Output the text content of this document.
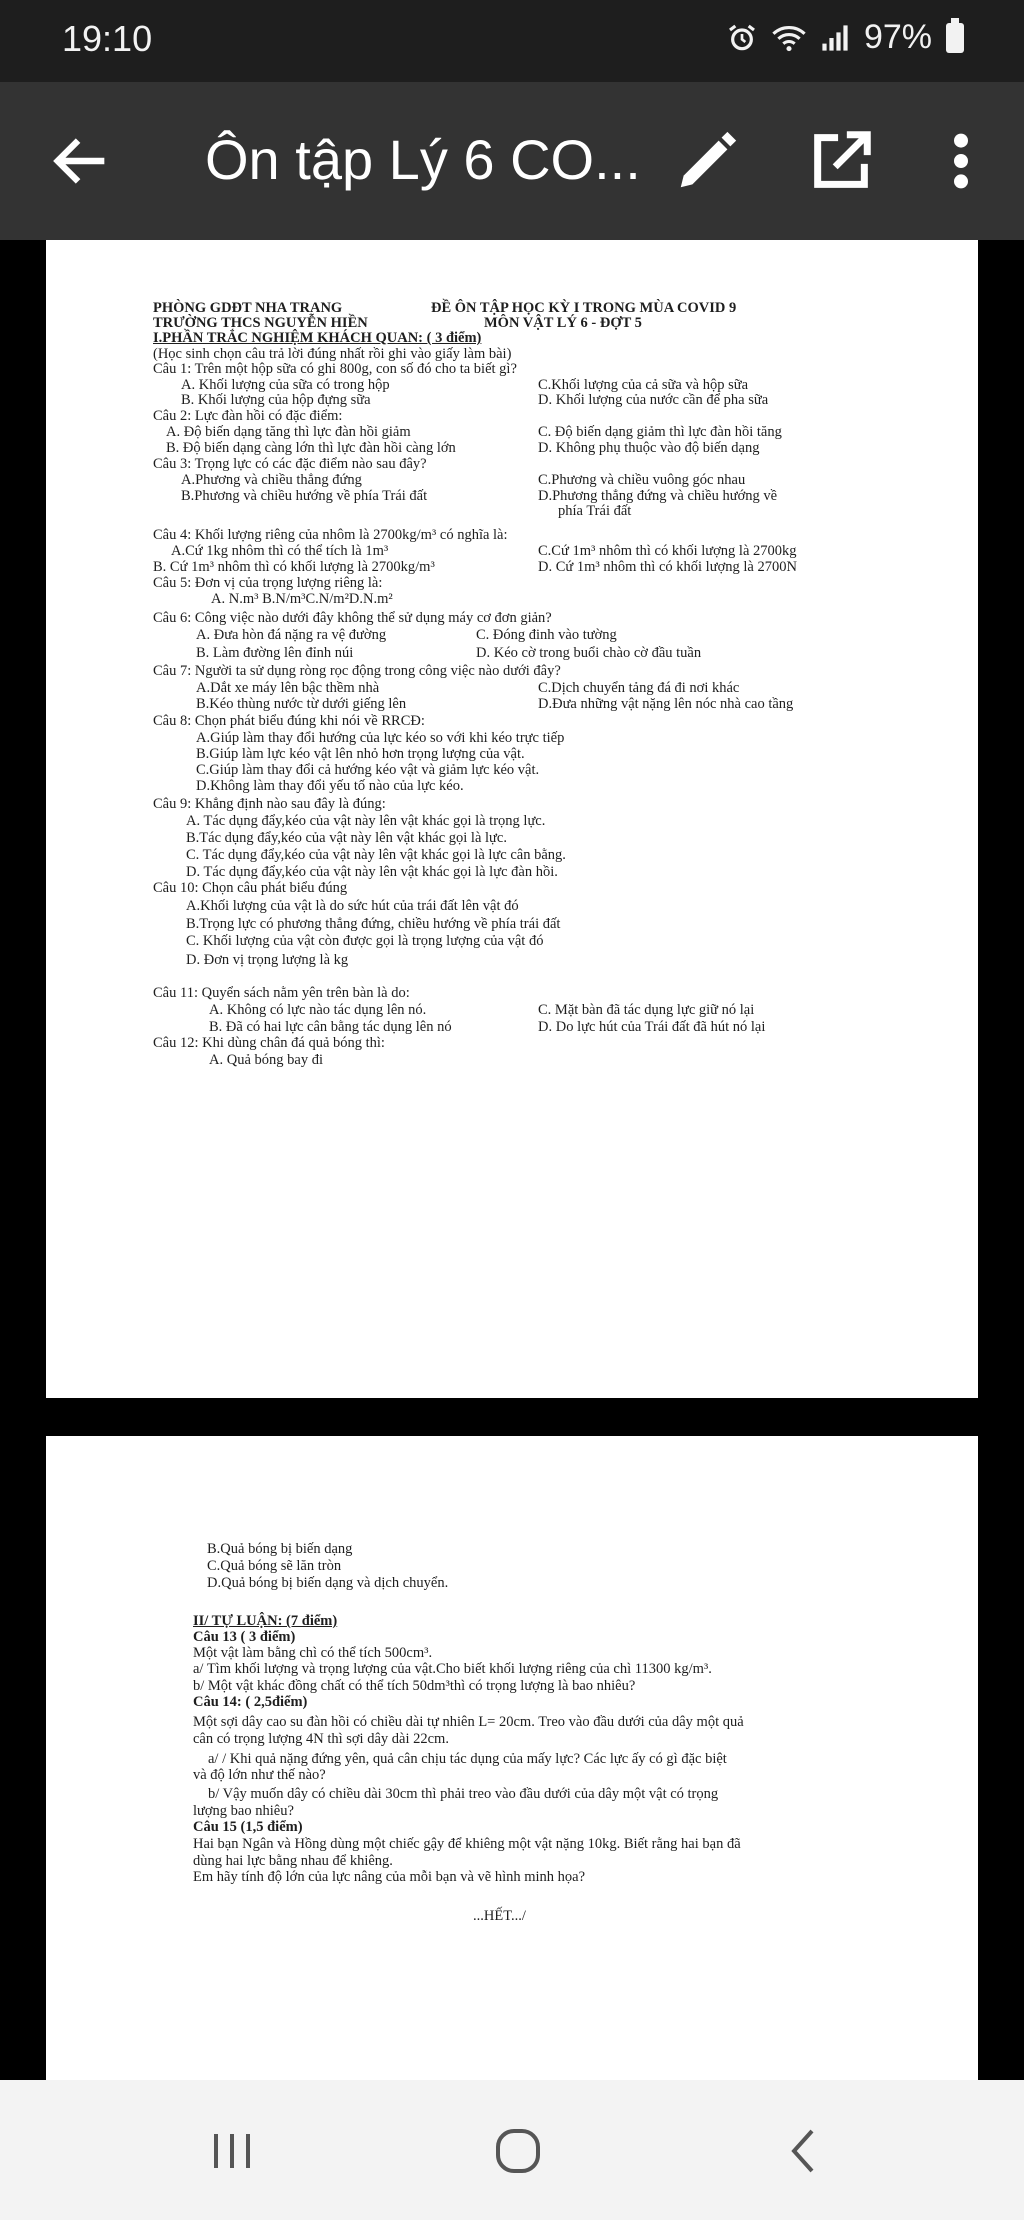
19:10	97%
Ôn tập Lý 6 CO...
PHÒNG GDĐT NHA TRANG	ĐỀ ÔN TẬP HỌC KỲ I TRONG MÙA COVID 9
TRƯỜNG THCS NGUYỄN HIỀN	MÔN VẬT LÝ 6 - ĐỢT 5
I.PHẦN TRẮC NGHIỆM KHÁCH QUAN: ( 3 điểm)
(Học sinh chọn câu trả lời đúng nhất rồi ghi vào giấy làm bài)
Câu 1: Trên một hộp sữa có ghi 800g, con số đó cho ta biết gì?
A. Khối lượng của sữa có trong hộp	C.Khối lượng của cả sữa và hộp sữa
B. Khối lượng của hộp đựng sữa	D. Khối lượng của nước cần để pha sữa
Câu 2: Lực đàn hồi có đặc điểm:
A. Độ biến dạng tăng thì lực đàn hồi giảm	C. Độ biến dạng giảm thì lực đàn hồi tăng
B. Độ biến dạng càng lớn thì lực đàn hồi càng lớn	D. Không phụ thuộc vào độ biến dạng
Câu 3: Trọng lực có các đặc điểm nào sau đây?
A.Phương và chiều thẳng đứng	C.Phương và chiều vuông góc nhau
B.Phương và chiều hướng về phía Trái đất	D.Phương thẳng đứng và chiều hướng về
phía Trái đất
Câu 4: Khối lượng riêng của nhôm là 2700kg/m³ có nghĩa là:
A.Cứ 1kg nhôm thì có thể tích là 1m³	C.Cứ 1m³ nhôm thì có khối lượng là 2700kg
B. Cứ 1m³ nhôm thì có khối lượng là 2700kg/m³	D. Cứ 1m³ nhôm thì có khối lượng là 2700N
Câu 5: Đơn vị của trọng lượng riêng là:
A. N.m³ B.N/m³C.N/m²D.N.m²
Câu 6: Công việc nào dưới đây không thể sử dụng máy cơ đơn giản?
A. Đưa hòn đá nặng ra vệ đường	C. Đóng đinh vào tường
B. Làm đường lên đỉnh núi	D. Kéo cờ trong buổi chào cờ đầu tuần
Câu 7: Người ta sử dụng ròng rọc động trong công việc nào dưới đây?
A.Dắt xe máy lên bậc thềm nhà	C.Dịch chuyển tảng đá đi nơi khác
B.Kéo thùng nước từ dưới giếng lên	D.Đưa những vật nặng lên nóc nhà cao tầng
Câu 8: Chọn phát biểu đúng khi nói về RRCĐ:
A.Giúp làm thay đổi hướng của lực kéo so với khi kéo trực tiếp
B.Giúp làm lực kéo vật lên nhỏ hơn trọng lượng của vật.
C.Giúp làm thay đổi cả hướng kéo vật và giảm lực kéo vật.
D.Không làm thay đổi yếu tố nào của lực kéo.
Câu 9: Khẳng định nào sau đây là đúng:
A. Tác dụng đẩy,kéo của vật này lên vật khác gọi là trọng lực.
B.Tác dụng đẩy,kéo của vật này lên vật khác gọi là lực.
C. Tác dụng đẩy,kéo của vật này lên vật khác gọi là lực cân bằng.
D. Tác dụng đẩy,kéo của vật này lên vật khác gọi là lực đàn hồi.
Câu 10: Chọn câu phát biểu đúng
A.Khối lượng của vật là do sức hút của trái đất lên vật đó
B.Trọng lực có phương thẳng đứng, chiều hướng về phía trái đất
C. Khối lượng của vật còn được gọi là trọng lượng của vật đó
D. Đơn vị trọng lượng là kg
Câu 11: Quyển sách nằm yên trên bàn là do:
A. Không có lực nào tác dụng lên nó.	C. Mặt bàn đã tác dụng lực giữ nó lại
B. Đã có hai lực cân bằng tác dụng lên nó	D. Do lực hút của Trái đất đã hút nó lại
Câu 12: Khi dùng chân đá quả bóng thì:
A. Quả bóng bay đi
B.Quả bóng bị biến dạng
C.Quả bóng sẽ lăn tròn
D.Quả bóng bị biến dạng và dịch chuyển.
II/ TỰ LUẬN: (7 điểm)
Câu 13 ( 3 điểm)
Một vật làm bằng chì có thể tích 500cm³.
a/ Tìm khối lượng và trọng lượng của vật.Cho biết khối lượng riêng của chì 11300 kg/m³.
b/ Một vật khác đồng chất có thể tích 50dm³thì có trọng lượng là bao nhiêu?
Câu 14: ( 2,5điểm)
Một sợi dây cao su đàn hồi có chiều dài tự nhiên L= 20cm. Treo vào đầu dưới của dây một quả
cân có trọng lượng 4N thì sợi dây dài 22cm.
a/ / Khi quả nặng đứng yên, quả cân chịu tác dụng của mấy lực? Các lực ấy có gì đặc biệt
và độ lớn như thế nào?
b/ Vậy muốn dây có chiều dài 30cm thì phải treo vào đầu dưới của dây một vật có trọng
lượng bao nhiêu?
Câu 15 (1,5 điểm)
Hai bạn Ngân và Hồng dùng một chiếc gậy để khiêng một vật nặng 10kg. Biết rằng hai bạn đã
dùng hai lực bằng nhau để khiêng.
Em hãy tính độ lớn của lực nâng của mỗi bạn và vẽ hình minh họa?
...HẾT.../
